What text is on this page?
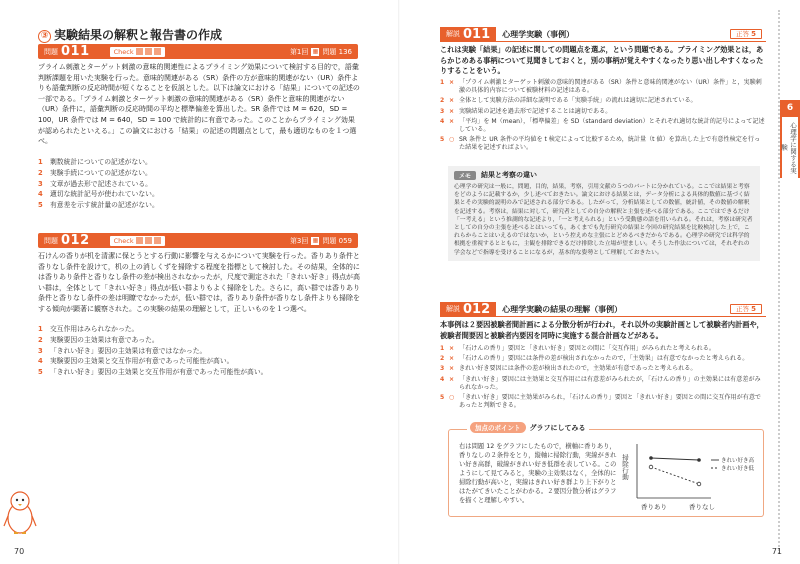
③ 実験結果の解釈と報告書の作成
問題 011	Check	第1回 ▦ 問題 136
プライム刺激とターゲット刺激の意味的関連性によるプライミング効果について検討する目的で，語彙判断課題を用いた実験を行った。意味的関連がある（SR）条件の方が意味的関連がない（UR）条件よりも語彙判断の反応時間が短くなることを仮説とした。以下は論文における「結果」についての記述の一部である。「プライム刺激とターゲット刺激の意味的関連がある（SR）条件と意味的関連がない（UR）条件に，語彙判断の反応時間の平均と標準偏差を算出した。SR 条件では M = 620，SD = 100，UR 条件では M = 640，SD = 100 で統計的に有意であった。このことからプライミング効果が認められたといえる。」この論文における「結果」の記述の問題点として，最も適切なものを１つ選べ。
1 剰数統計についての記述がない。
2 実験手続についての記述がない。
3 文章が過去形で記述されている。
4 適切な統計記号が使われていない。
5 有意差を示す統計量の記述がない。
問題 012	Check	第3回 ▦ 問題 059
石けんの香りが机を清潔に保とうとする行動に影響を与えるかについて実験を行った。香りあり条件と香りなし条件を設けて，机の上の消しくずを掃除する程度を指標として検討した。その結果，全体的には香りあり条件と香りなし条件の差が検出されなかったが，尺度で測定された「きれい好き」得点が高い群は，全体として「きれい好き」得点が低い群よりもよく掃除をした。さらに，高い群では香りあり条件と香りなし条件の差は明瞭でなかったが，低い群では，香りあり条件が香りなし条件よりも掃除をする傾向が顕著に観察された。この実験の結果の理解として，正しいものを１つ選べ。
1 交互作用はみられなかった。
2 実験要因の主効果は有意であった。
3 「きれい好き」要因の主効果は有意ではなかった。
4 実験要因の主効果と交互作用が有意であった可能性が高い。
5 「きれい好き」要因の主効果と交互作用が有意であった可能性が高い。
70
解説 011	心理学実験（事例）	正答 5
これは実験「結果」の記述に関しての問題点を選ぶ，という問題である。プライミング効果とは，あらかじめある事柄について見聞きしておくと，別の事柄が覚えやすくなったり思い出しやすくなったりすることをいう。
1 × 「プライム刺激とターゲット刺激の意味的関連がある（SR）条件と意味的関連がない（UR）条件」と，実験刺激の具体的内容について被験材料の記述はある。
2 × 全体として実験方法の詳細な説明である「実験手続」の流れは適切に記述されている。
3 × 実験結果の記述を過去形で記述することは適切である。
4 × 「平均」を M（mean），「標準偏差」を SD（standard deviation）とそれぞれ適切な統計的記号によって記述している。
5 ○ SR 条件と UR 条件の平均値を t 検定によって比較するため，統計量（t 値）を算出した上で有意性検定を行った結果を記述すればよい。
メモ	結果と考察の違い

心理学の研究は一般に，問題，目的，結果，考察，引用文献の５つのパートに分かれている。ここでは結果と考察をどのように記載するか，少し述べておきたい。論文における結果とは，データ分析による具体的数値に基づく結果とその実験的説明のみで記述される部分である。したがって，分析結果としての数値，統計値，その数値の解釈を記述する。考察は，結果に対して，研究者としての自分の解釈と主張を述べる部分である。ここではできるだけ「一考える」という推測的な記述より，「一と考えられる」という受動態の語を用いられる。それは，考察は研究者としての自分の主張を述べるとはいっても，あくまでも先行研究の結果と今回の研究結果を比較検討した上で，これらからことはいえるのではないか，という控えめな主張にとどめるべきだからである。心理学の研究では科学的根拠を重視するとともに，主観を排除できるだけ排除した立場が望ましい。そうした作法については，それぞれの学会などで指導を受けることになるが，基本的な姿勢として理解しておきたい。

解説 012	心理学実験の結果の理解（事例）	正答 5
本事例は２要因被験者間計画による分散分析が行われ，それ以外の実験計画として被験者内計画や，被験者間要因と被験者内要因を同時に実施する混合計画などがある。
1 × 「石けんの香り」要因と「きれい好き」要因との間に「交互作用」がみられたと考えられる。
2 × 「石けんの香り」要因には条件の差が検出されなかったので，「主効果」は有意でなかったと考えられる。
3 × きれい好き要因には条件の差が検出されたので，主効果が有意であったと考えられる。
4 × 「きれい好き」要因には主効果と交互作用には有意差がみられたが，「石けんの香り」の主効果には有意差がみられなかった。
5 ○ 「きれい好き」要因に主効果がみられ，「石けんの香り」要因と「きれい好き」要因との間に交互作用が有意であったと判断できる。
加点のポイント	グラフにしてみる
右は問題 12 をグラフにしたもので，横軸に香りあり，香りなしの２条件をとり，縦軸に掃除行動，実線がきれい好き高群，破線がきれい好き低群を表している。このようにして見てみると，実験の主効果はなく，全体的に掃除行動が高いと，実線はきれい好き群より上下がりとはたがてきいたことがわかる。２要因分散分析はグラフを描くと理解しやすい。
掃除行動
香りあり	香りなし
きれい好き高
きれい好き低
6
心理学に関する実験
71
